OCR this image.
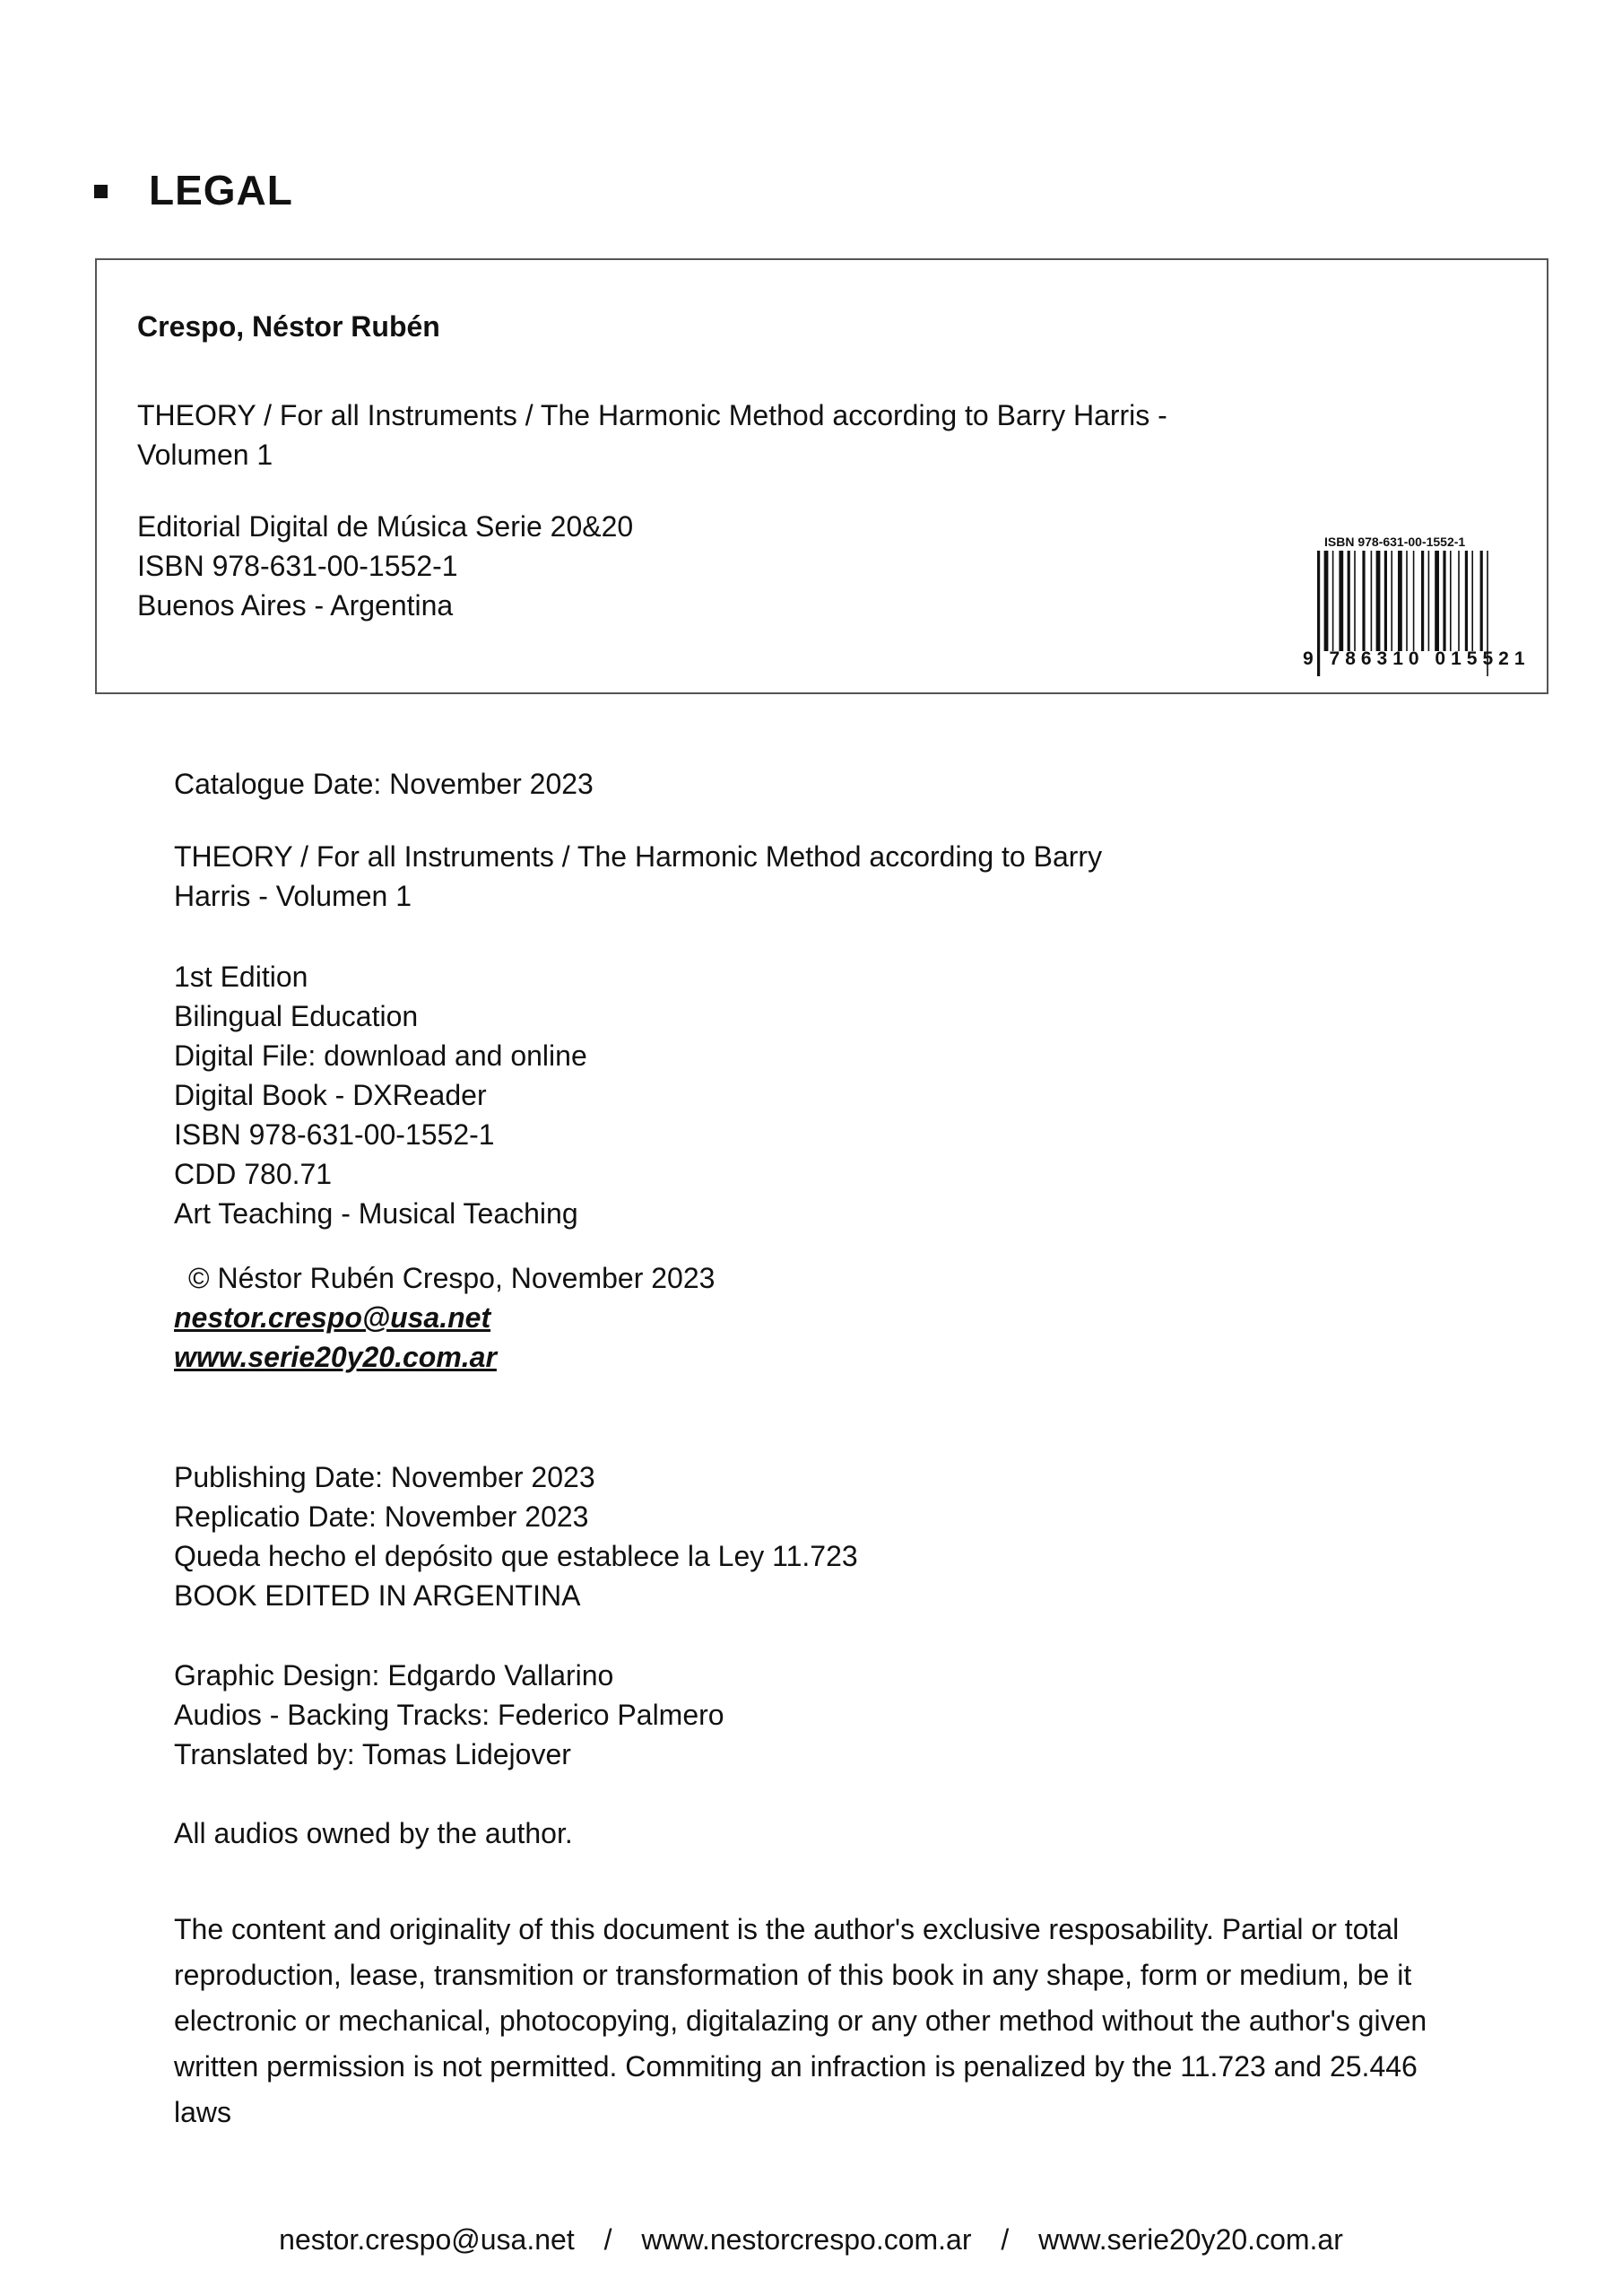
LEGAL
Crespo, Néstor Rubén
THEORY / For all Instruments / The Harmonic Method according to Barry Harris -
Volumen 1
Editorial Digital de Música Serie 20&20
ISBN 978-631-00-1552-1
Buenos Aires - Argentina
ISBN 978-631-00-1552-1
9 786310 015521
Catalogue Date: November 2023
THEORY / For all Instruments / The Harmonic Method according to Barry
Harris - Volumen 1
1st Edition
Bilingual Education
Digital File: download and online
Digital Book - DXReader
ISBN 978-631-00-1552-1
CDD 780.71
Art Teaching - Musical Teaching
© Néstor Rubén Crespo, November 2023
nestor.crespo@usa.net
www.serie20y20.com.ar
Publishing Date: November 2023
Replicatio Date: November 2023
Queda hecho el depósito que establece la Ley 11.723
BOOK EDITED IN ARGENTINA
Graphic Design: Edgardo Vallarino
Audios - Backing Tracks: Federico Palmero
Translated by: Tomas Lidejover
All audios owned by the author.
The content and originality of this document is the author's exclusive resposability. Partial or total reproduction, lease, transmition or transformation of this book in any shape, form or medium, be it electronic or mechanical, photocopying, digitalazing or any other method without the author's given written permission is not permitted. Commiting an infraction is penalized by the 11.723 and 25.446 laws
nestor.crespo@usa.net / www.nestorcrespo.com.ar / www.serie20y20.com.ar
